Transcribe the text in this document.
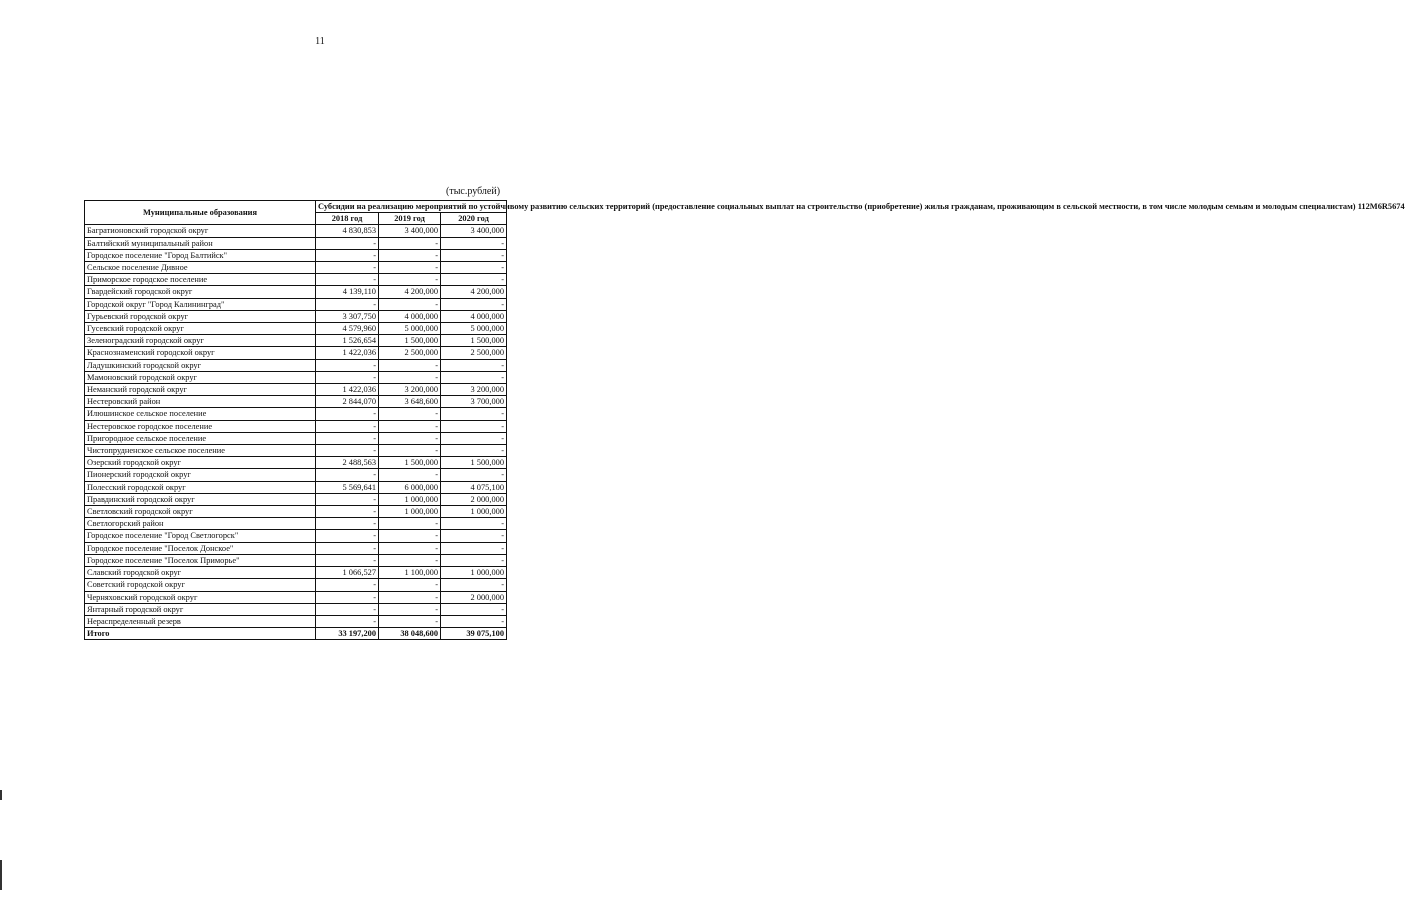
11
(тыс.рублей)
Муниципальные образования	Субсидии на реализацию мероприятий по устойчивому развитию сельских территорий (предоставление социальных выплат на строительство (приобретение) жилья гражданам, проживающим в сельской местности, в том числе молодым семьям и молодым специалистам) 112М6R5674		
	2018 год	2019 год	2020 год
Багратионовский городской округ	4 830,853	3 400,000	3 400,000
Балтийский муниципальный район	-	-	-
Городское поселение "Город Балтийск"	-	-	-
Сельское поселение Дивное	-	-	-
Приморское городское поселение	-	-	-
Гвардейский городской округ	4 139,110	4 200,000	4 200,000
Городской округ "Город Калининград"	-	-	-
Гурьевский городской округ	3 307,750	4 000,000	4 000,000
Гусевский городской округ	4 579,960	5 000,000	5 000,000
Зеленоградский городской округ	1 526,654	1 500,000	1 500,000
Краснознаменский городской округ	1 422,036	2 500,000	2 500,000
Ладушкинский городской округ	-	-	-
Мамоновский городской округ	-	-	-
Неманский городской округ	1 422,036	3 200,000	3 200,000
Нестеровский район	2 844,070	3 648,600	3 700,000
Илюшинское сельское поселение	-	-	-
Нестеровское городское поселение	-	-	-
Пригородное сельское поселение	-	-	-
Чистопрудненское сельское поселение	-	-	-
Озерский городской округ	2 488,563	1 500,000	1 500,000
Пионерский городской округ	-	-	-
Полесский городской округ	5 569,641	6 000,000	4 075,100
Правдинский городской округ	-	1 000,000	2 000,000
Светловский городской округ	-	1 000,000	1 000,000
Светлогорский район	-	-	-
Городское поселение "Город Светлогорск"	-	-	-
Городское поселение "Поселок Донское"	-	-	-
Городское поселение "Поселок Приморье"	-	-	-
Славский городской округ	1 066,527	1 100,000	1 000,000
Советский городской округ	-	-	-
Черняховский городской округ	-	-	2 000,000
Янтарный городской округ	-	-	-
Нераспределенный резерв	-	-	-
Итого	33 197,200	38 048,600	39 075,100
